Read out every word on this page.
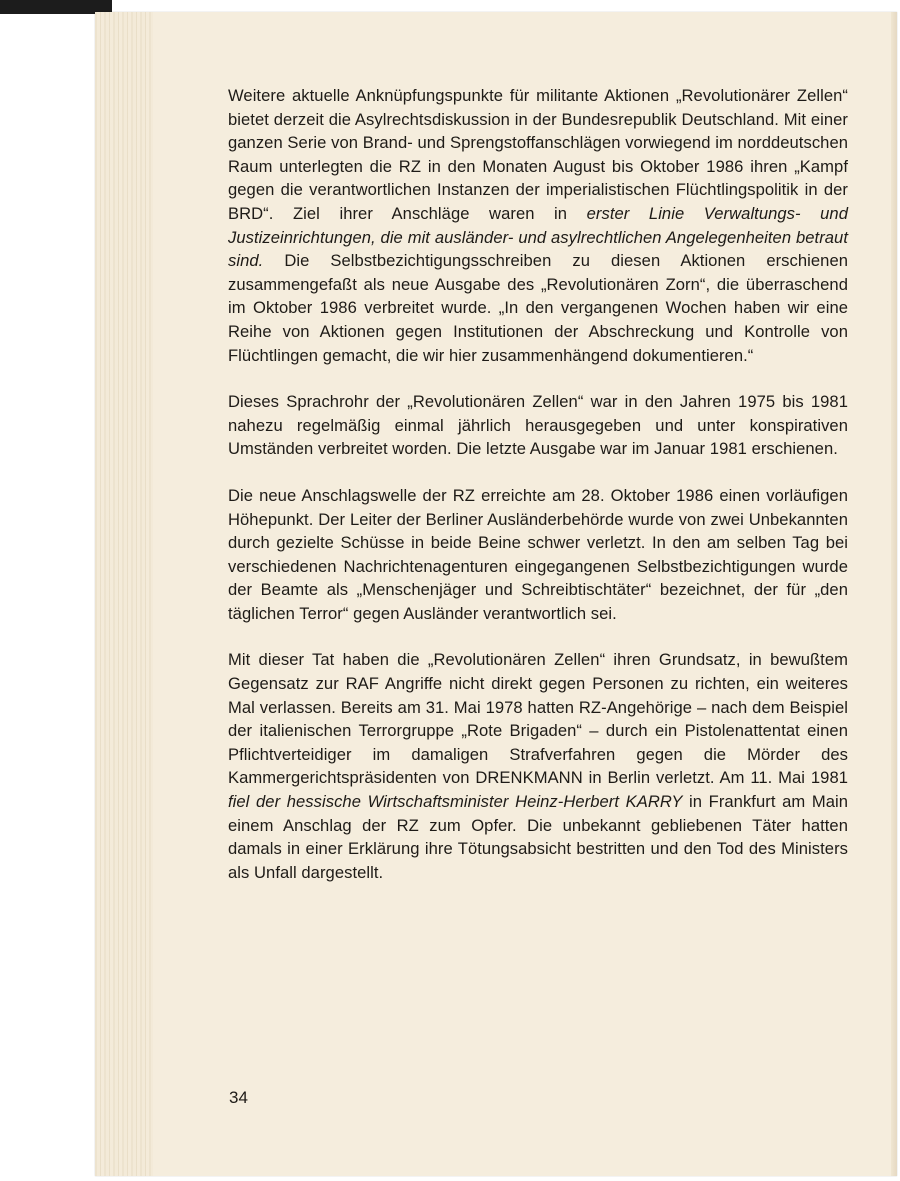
Weitere aktuelle Anknüpfungspunkte für militante Aktionen „Revolutionärer Zellen“ bietet derzeit die Asylrechtsdiskussion in der Bundesrepublik Deutschland. Mit einer ganzen Serie von Brand- und Sprengstoffanschlägen vorwiegend im norddeutschen Raum unterlegten die RZ in den Monaten August bis Oktober 1986 ihren „Kampf gegen die verantwortlichen Instanzen der imperialistischen Flüchtlingspolitik in der BRD“. Ziel ihrer Anschläge waren in erster Linie Verwaltungs- und Justizeinrichtungen, die mit ausländer- und asylrechtlichen Angelegenheiten betraut sind. Die Selbstbezichtigungsschreiben zu diesen Aktionen erschienen zusammengefaßt als neue Ausgabe des „Revolutionären Zorn“, die überraschend im Oktober 1986 verbreitet wurde. „In den vergangenen Wochen haben wir eine Reihe von Aktionen gegen Institutionen der Abschreckung und Kontrolle von Flüchtlingen gemacht, die wir hier zusammenhängend dokumentieren.“

Dieses Sprachrohr der „Revolutionären Zellen“ war in den Jahren 1975 bis 1981 nahezu regelmäßig einmal jährlich herausgegeben und unter konspirativen Umständen verbreitet worden. Die letzte Ausgabe war im Januar 1981 erschienen.

Die neue Anschlagswelle der RZ erreichte am 28. Oktober 1986 einen vorläufigen Höhepunkt. Der Leiter der Berliner Ausländerbehörde wurde von zwei Unbekannten durch gezielte Schüsse in beide Beine schwer verletzt. In den am selben Tag bei verschiedenen Nachrichtenagenturen eingegangenen Selbstbezichtigungen wurde der Beamte als „Menschenjäger und Schreibtischtäter“ bezeichnet, der für „den täglichen Terror“ gegen Ausländer verantwortlich sei.

Mit dieser Tat haben die „Revolutionären Zellen“ ihren Grundsatz, in bewußtem Gegensatz zur RAF Angriffe nicht direkt gegen Personen zu richten, ein weiteres Mal verlassen. Bereits am 31. Mai 1978 hatten RZ-Angehörige – nach dem Beispiel der italienischen Terrorgruppe „Rote Brigaden“ – durch ein Pistolenattentat einen Pflichtverteidiger im damaligen Strafverfahren gegen die Mörder des Kammergerichtspräsidenten von DRENKMANN in Berlin verletzt. Am 11. Mai 1981 fiel der hessische Wirtschaftsminister Heinz-Herbert KARRY in Frankfurt am Main einem Anschlag der RZ zum Opfer. Die unbekannt gebliebenen Täter hatten damals in einer Erklärung ihre Tötungsabsicht bestritten und den Tod des Ministers als Unfall dargestellt.

34
